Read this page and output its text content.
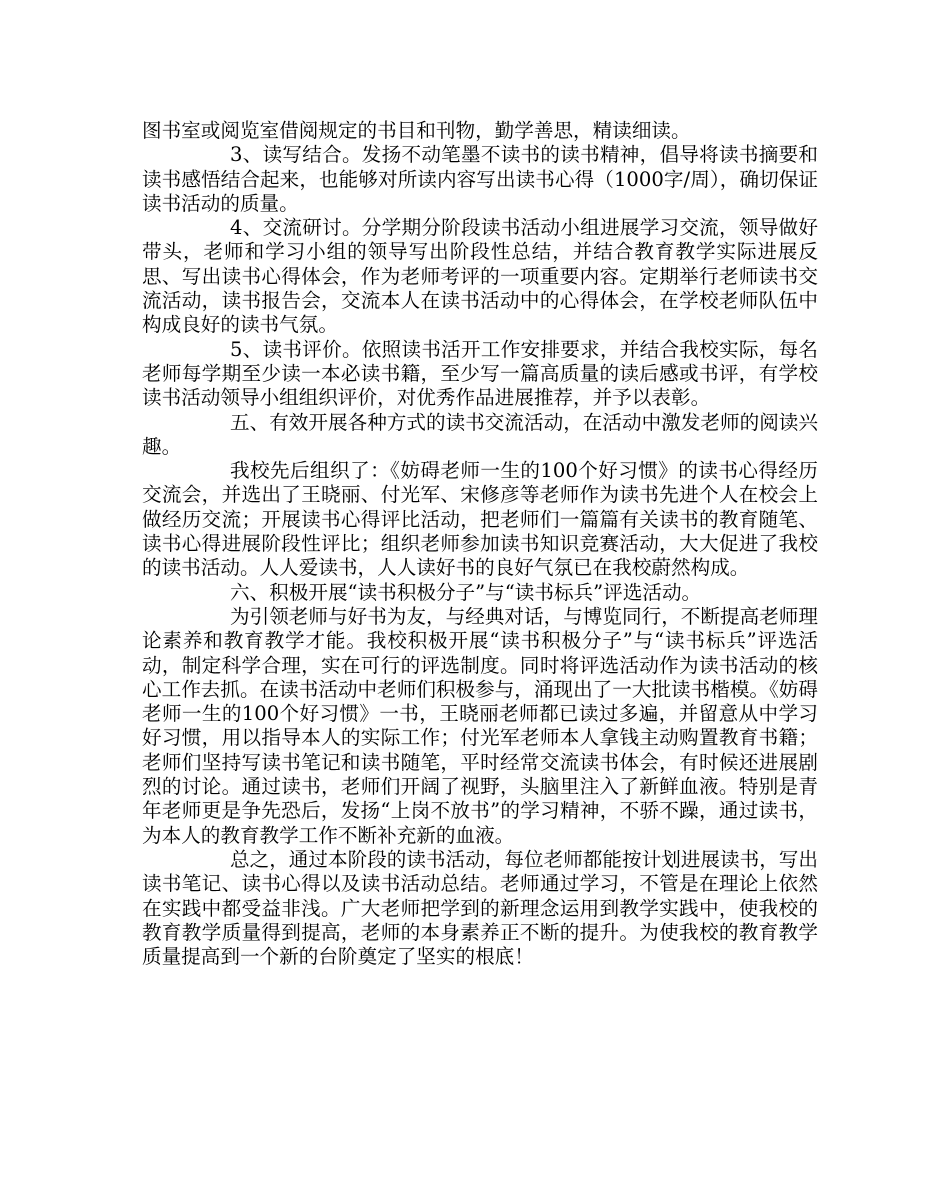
图书室或阅览室借阅规定的书目和刊物，勤学善思，精读细读。

3、读写结合。发扬不动笔墨不读书的读书精神，倡导将读书摘要和读书感悟结合起来，也能够对所读内容写出读书心得（1000字/周），确切保证读书活动的质量。

4、交流研讨。分学期分阶段读书活动小组进展学习交流，领导做好带头，老师和学习小组的领导写出阶段性总结，并结合教育教学实际进展反思、写出读书心得体会，作为老师考评的一项重要内容。定期举行老师读书交流活动，读书报告会，交流本人在读书活动中的心得体会，在学校老师队伍中构成良好的读书气氛。

5、读书评价。依照读书活开工作安排要求，并结合我校实际，每名老师每学期至少读一本必读书籍，至少写一篇高质量的读后感或书评，有学校读书活动领导小组组织评价，对优秀作品进展推荐，并予以表彰。

五、有效开展各种方式的读书交流活动，在活动中激发老师的阅读兴趣。

我校先后组织了：《妨碍老师一生的100个好习惯》的读书心得经历交流会，并选出了王晓丽、付光军、宋修彦等老师作为读书先进个人在校会上做经历交流；开展读书心得评比活动，把老师们一篇篇有关读书的教育随笔、读书心得进展阶段性评比；组织老师参加读书知识竞赛活动，大大促进了我校的读书活动。人人爱读书，人人读好书的良好气氛已在我校蔚然构成。

六、积极开展“读书积极分子”与“读书标兵”评选活动。

为引领老师与好书为友，与经典对话，与博览同行，不断提高老师理论素养和教育教学才能。我校积极开展“读书积极分子”与“读书标兵”评选活动，制定科学合理，实在可行的评选制度。同时将评选活动作为读书活动的核心工作去抓。在读书活动中老师们积极参与，涌现出了一大批读书楷模。《妨碍老师一生的100个好习惯》一书，王晓丽老师都已读过多遍，并留意从中学习好习惯，用以指导本人的实际工作；付光军老师本人拿钱主动购置教育书籍；老师们坚持写读书笔记和读书随笔，平时经常交流读书体会，有时候还进展剧烈的讨论。通过读书，老师们开阔了视野，头脑里注入了新鲜血液。特别是青年老师更是争先恐后，发扬“上岗不放书”的学习精神，不骄不躁，通过读书，为本人的教育教学工作不断补充新的血液。

总之，通过本阶段的读书活动，每位老师都能按计划进展读书，写出读书笔记、读书心得以及读书活动总结。老师通过学习，不管是在理论上依然在实践中都受益非浅。广大老师把学到的新理念运用到教学实践中，使我校的教育教学质量得到提高，老师的本身素养正不断的提升。为使我校的教育教学质量提高到一个新的台阶奠定了坚实的根底！
